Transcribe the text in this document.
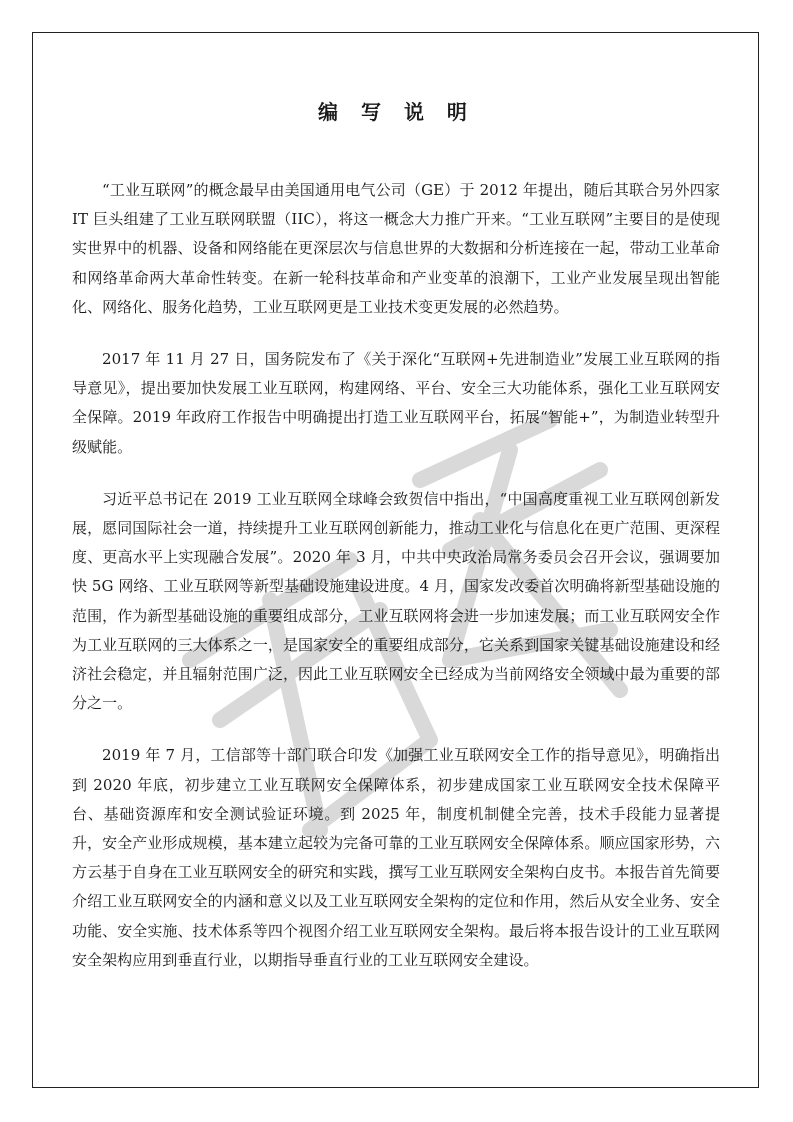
编 写 说 明

“工业互联网”的概念最早由美国通用电气公司（GE）于 2012 年提出，随后其联合另外四家 IT 巨头组建了工业互联网联盟（IIC），将这一概念大力推广开来。“工业互联网”主要目的是使现实世界中的机器、设备和网络能在更深层次与信息世界的大数据和分析连接在一起，带动工业革命和网络革命两大革命性转变。在新一轮科技革命和产业变革的浪潮下，工业产业发展呈现出智能化、网络化、服务化趋势，工业互联网更是工业技术变更发展的必然趋势。

2017 年 11 月 27 日，国务院发布了《关于深化“互联网+先进制造业”发展工业互联网的指导意见》，提出要加快发展工业互联网，构建网络、平台、安全三大功能体系，强化工业互联网安全保障。2019 年政府工作报告中明确提出打造工业互联网平台，拓展“智能+”，为制造业转型升级赋能。

习近平总书记在 2019 工业互联网全球峰会致贺信中指出，“中国高度重视工业互联网创新发展，愿同国际社会一道，持续提升工业互联网创新能力，推动工业化与信息化在更广范围、更深程度、更高水平上实现融合发展”。2020 年 3 月，中共中央政治局常务委员会召开会议，强调要加快 5G 网络、工业互联网等新型基础设施建设进度。4 月，国家发改委首次明确将新型基础设施的范围，作为新型基础设施的重要组成部分，工业互联网将会进一步加速发展；而工业互联网安全作为工业互联网的三大体系之一，是国家安全的重要组成部分，它关系到国家关键基础设施建设和经济社会稳定，并且辐射范围广泛，因此工业互联网安全已经成为当前网络安全领域中最为重要的部分之一。

2019 年 7 月，工信部等十部门联合印发《加强工业互联网安全工作的指导意见》，明确指出到 2020 年底，初步建立工业互联网安全保障体系，初步建成国家工业互联网安全技术保障平台、基础资源库和安全测试验证环境。到 2025 年，制度机制健全完善，技术手段能力显著提升，安全产业形成规模，基本建立起较为完备可靠的工业互联网安全保障体系。顺应国家形势，六方云基于自身在工业互联网安全的研究和实践，撰写工业互联网安全架构白皮书。本报告首先简要介绍工业互联网安全的内涵和意义以及工业互联网安全架构的定位和作用，然后从安全业务、安全功能、安全实施、技术体系等四个视图介绍工业互联网安全架构。最后将本报告设计的工业互联网安全架构应用到垂直行业，以期指导垂直行业的工业互联网安全建设。
